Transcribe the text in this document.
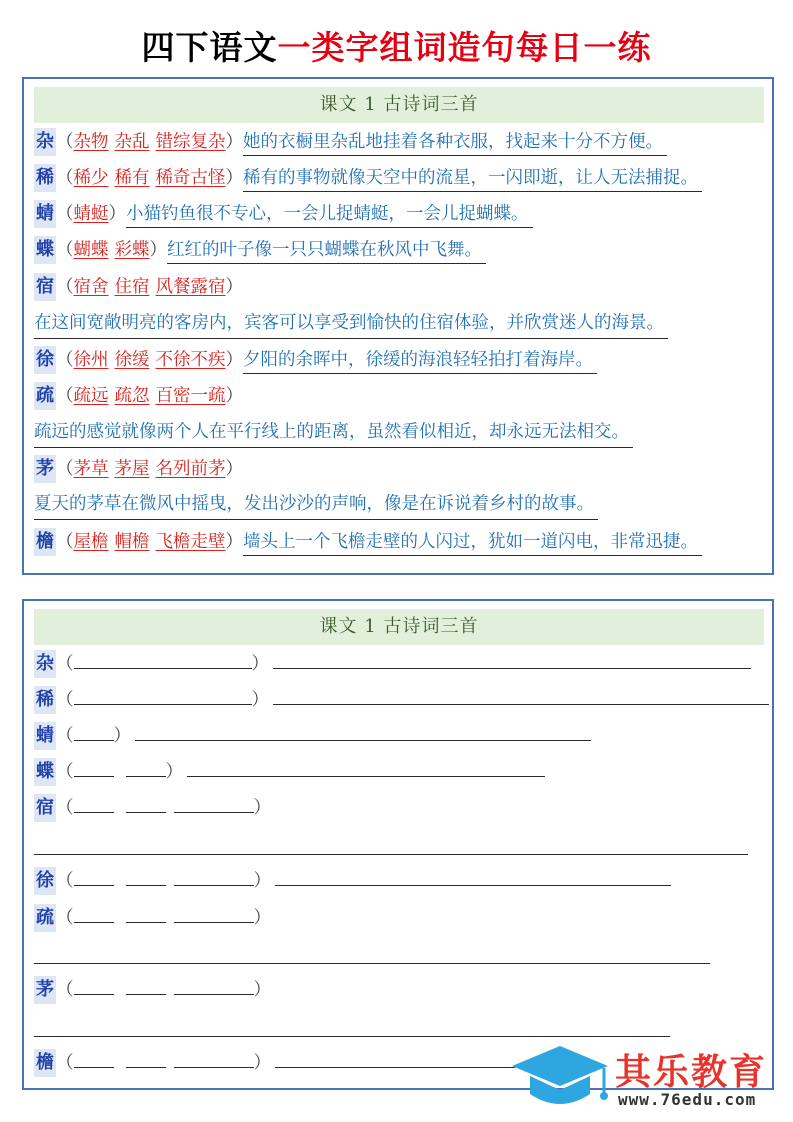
四下语文一类字组词造句每日一练
课文 1 古诗词三首
杂 （杂物 杂乱 错综复杂）她的衣橱里杂乱地挂着各种衣服，找起来十分不方便。
稀 （稀少 稀有 稀奇古怪）稀有的事物就像天空中的流星，一闪即逝，让人无法捕捉。
蜻 （蜻蜓）小猫钓鱼很不专心，一会儿捉蜻蜓，一会儿捉蝴蝶。
蝶 （蝴蝶 彩蝶）红红的叶子像一只只蝴蝶在秋风中飞舞。
宿 （宿舍 住宿 风餐露宿）
在这间宽敞明亮的客房内，宾客可以享受到愉快的住宿体验，并欣赏迷人的海景。
徐 （徐州 徐缓 不徐不疾）夕阳的余晖中，徐缓的海浪轻轻拍打着海岸。
疏 （疏远 疏忽 百密一疏）
疏远的感觉就像两个人在平行线上的距离，虽然看似相近，却永远无法相交。
茅 （茅草 茅屋 名列前茅）
夏天的茅草在微风中摇曳，发出沙沙的声响，像是在诉说着乡村的故事。
檐 （屋檐 帽檐 飞檐走壁）墙头上一个飞檐走壁的人闪过，犹如一道闪电，非常迅捷。
课文 1 古诗词三首
杂 （	）
稀 （	）
蜻 （ ）
蝶 （	）
宿 （	）
徐 （	）
疏 （	）
茅 （	）
檐 （	）	其乐教育
www.76edu.com
